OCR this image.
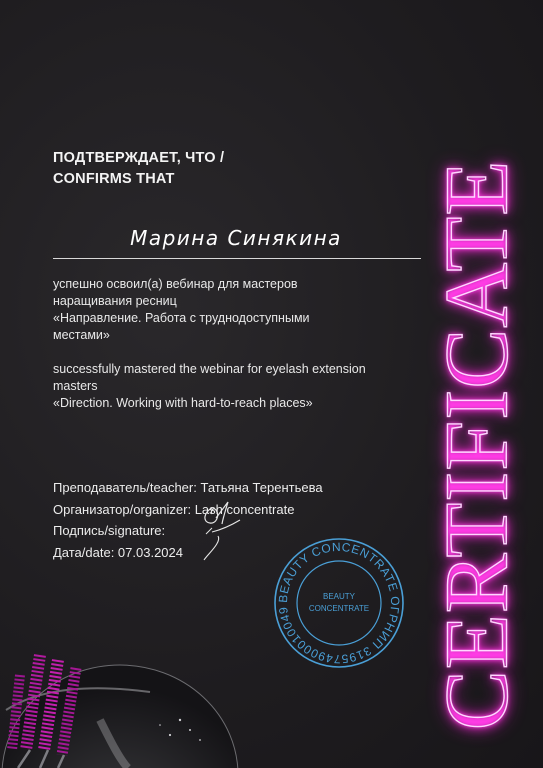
ПОДТВЕРЖДАЕТ, ЧТО /
CONFIRMS THAT
Марина Синякина
успешно освоил(а) вебинар для мастеров
наращивания ресниц
«Направление. Работа с труднодоступными
местами»
successfully mastered the webinar for eyelash extension
masters
«Direction. Working with hard-to-reach places»
Преподаватель/teacher: Татьяна Терентьева
Организатор/organizer: Lash concentrate
Подпись/signature:
Дата/date: 07.03.2024	CERTIFICATE
BEAUTY CONCENTRATE ОГРНИП 319574900010049
BEAUTY
CONCENTRATE
